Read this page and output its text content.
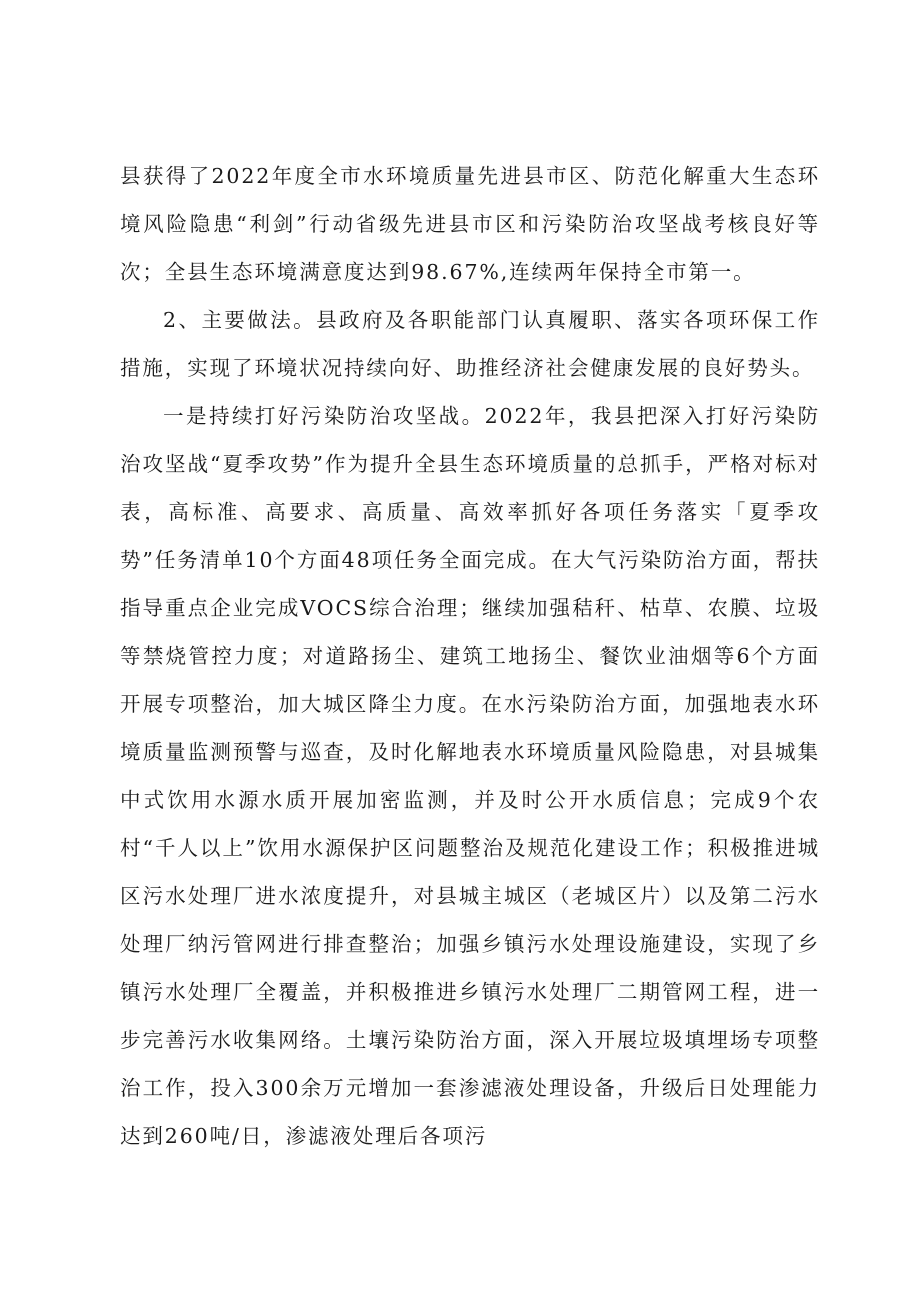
县获得了2022年度全市水环境质量先进县市区、防范化解重大生态环境风险隐患“利剑”行动省级先进县市区和污染防治攻坚战考核良好等次；全县生态环境满意度达到98.67%,连续两年保持全市第一。

2、主要做法。县政府及各职能部门认真履职、落实各项环保工作措施，实现了环境状况持续向好、助推经济社会健康发展的良好势头。

一是持续打好污染防治攻坚战。2022年，我县把深入打好污染防治攻坚战“夏季攻势”作为提升全县生态环境质量的总抓手，严格对标对表，高标准、高要求、高质量、高效率抓好各项任务落实「夏季攻势”任务清单10个方面48项任务全面完成。在大气污染防治方面，帮扶指导重点企业完成VOCS综合治理；继续加强秸秆、枯草、农膜、垃圾等禁烧管控力度；对道路扬尘、建筑工地扬尘、餐饮业油烟等6个方面开展专项整治，加大城区降尘力度。在水污染防治方面，加强地表水环境质量监测预警与巡查，及时化解地表水环境质量风险隐患，对县城集中式饮用水源水质开展加密监测，并及时公开水质信息；完成9个农村“千人以上”饮用水源保护区问题整治及规范化建设工作；积极推进城区污水处理厂进水浓度提升，对县城主城区（老城区片）以及第二污水处理厂纳污管网进行排查整治；加强乡镇污水处理设施建设，实现了乡镇污水处理厂全覆盖，并积极推进乡镇污水处理厂二期管网工程，进一步完善污水收集网络。土壤污染防治方面，深入开展垃圾填埋场专项整治工作，投入300余万元增加一套渗滤液处理设备，升级后日处理能力达到260吨/日，渗滤液处理后各项污
